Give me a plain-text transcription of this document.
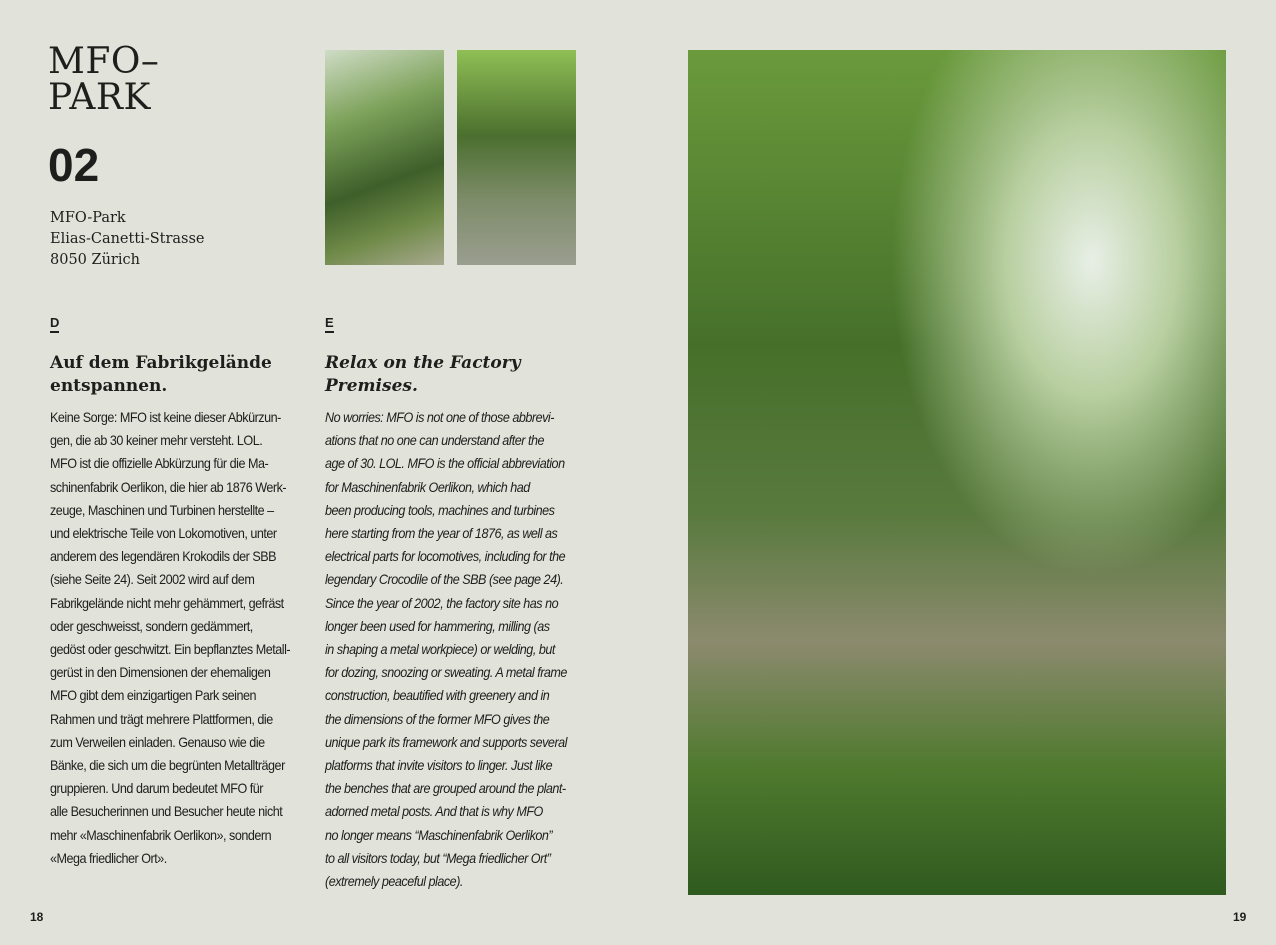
MFO–
PARK
02
MFO-Park
Elias-Canetti-Strasse
8050 Zürich
D
Auf dem Fabrikgelände
entspannen.
Keine Sorge: MFO ist keine dieser Abkürzun-
gen, die ab 30 keiner mehr versteht. LOL.
MFO ist die offizielle Abkürzung für die Ma-
schinenfabrik Oerlikon, die hier ab 1876 Werk-
zeuge, Maschinen und Turbinen herstellte –
und elektrische Teile von Lokomotiven, unter
anderem des legendären Krokodils der SBB
(siehe Seite 24). Seit 2002 wird auf dem
Fabrikgelände nicht mehr gehämmert, gefräst
oder geschweisst, sondern gedämmert,
gedöst oder geschwitzt. Ein bepflanztes Metall-
gerüst in den Dimensionen der ehemaligen
MFO gibt dem einzigartigen Park seinen
Rahmen und trägt mehrere Plattformen, die
zum Verweilen einladen. Genauso wie die
Bänke, die sich um die begrünten Metallträger
gruppieren. Und darum bedeutet MFO für
alle Besucherinnen und Besucher heute nicht
mehr «Maschinenfabrik Oerlikon», sondern
«Mega friedlicher Ort».
E
Relax on the Factory
Premises.
No worries: MFO is not one of those abbrevi-
ations that no one can understand after the
age of 30. LOL. MFO is the official abbreviation
for Maschinenfabrik Oerlikon, which had
been producing tools, machines and turbines
here starting from the year of 1876, as well as
electrical parts for locomotives, including for the
legendary Crocodile of the SBB (see page 24).
Since the year of 2002, the factory site has no
longer been used for hammering, milling (as
in shaping a metal workpiece) or welding, but
for dozing, snoozing or sweating. A metal frame
construction, beautified with greenery and in
the dimensions of the former MFO gives the
unique park its framework and supports several
platforms that invite visitors to linger. Just like
the benches that are grouped around the plant-
adorned metal posts. And that is why MFO
no longer means “Maschinenfabrik Oerlikon”
to all visitors today, but “Mega friedlicher Ort”
(extremely peaceful place).
18	19
